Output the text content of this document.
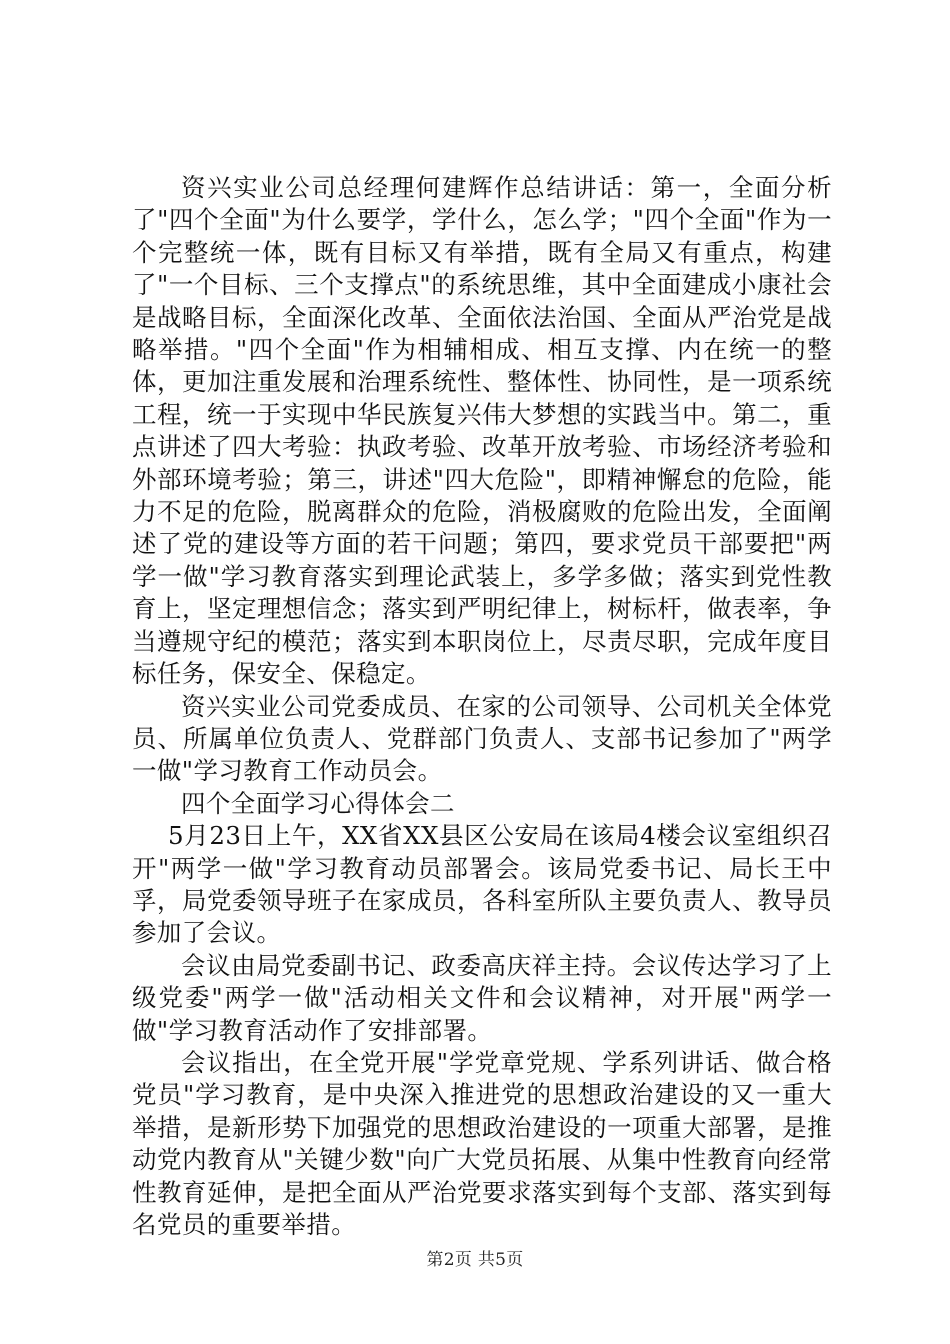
资兴实业公司总经理何建辉作总结讲话：第一，全面分析了"四个全面"为什么要学，学什么，怎么学；"四个全面"作为一个完整统一体，既有目标又有举措，既有全局又有重点，构建了"一个目标、三个支撑点"的系统思维，其中全面建成小康社会是战略目标，全面深化改革、全面依法治国、全面从严治党是战略举措。"四个全面"作为相辅相成、相互支撑、内在统一的整体，更加注重发展和治理系统性、整体性、协同性，是一项系统工程，统一于实现中华民族复兴伟大梦想的实践当中。第二，重点讲述了四大考验：执政考验、改革开放考验、市场经济考验和外部环境考验；第三，讲述"四大危险"，即精神懈怠的危险，能力不足的危险，脱离群众的危险，消极腐败的危险出发，全面阐述了党的建设等方面的若干问题；第四，要求党员干部要把"两学一做"学习教育落实到理论武装上，多学多做；落实到党性教育上，坚定理想信念；落实到严明纪律上，树标杆，做表率，争当遵规守纪的模范；落实到本职岗位上，尽责尽职，完成年度目标任务，保安全、保稳定。

资兴实业公司党委成员、在家的公司领导、公司机关全体党员、所属单位负责人、党群部门负责人、支部书记参加了"两学一做"学习教育工作动员会。

四个全面学习心得体会二

5月23日上午，XX省XX县区公安局在该局4楼会议室组织召开"两学一做"学习教育动员部署会。该局党委书记、局长王中孚，局党委领导班子在家成员，各科室所队主要负责人、教导员参加了会议。

会议由局党委副书记、政委高庆祥主持。会议传达学习了上级党委"两学一做"活动相关文件和会议精神，对开展"两学一做"学习教育活动作了安排部署。

会议指出，在全党开展"学党章党规、学系列讲话、做合格党员"学习教育，是中央深入推进党的思想政治建设的又一重大举措，是新形势下加强党的思想政治建设的一项重大部署，是推动党内教育从"关键少数"向广大党员拓展、从集中性教育向经常性教育延伸，是把全面从严治党要求落实到每个支部、落实到每名党员的重要举措。

第2页 共5页
